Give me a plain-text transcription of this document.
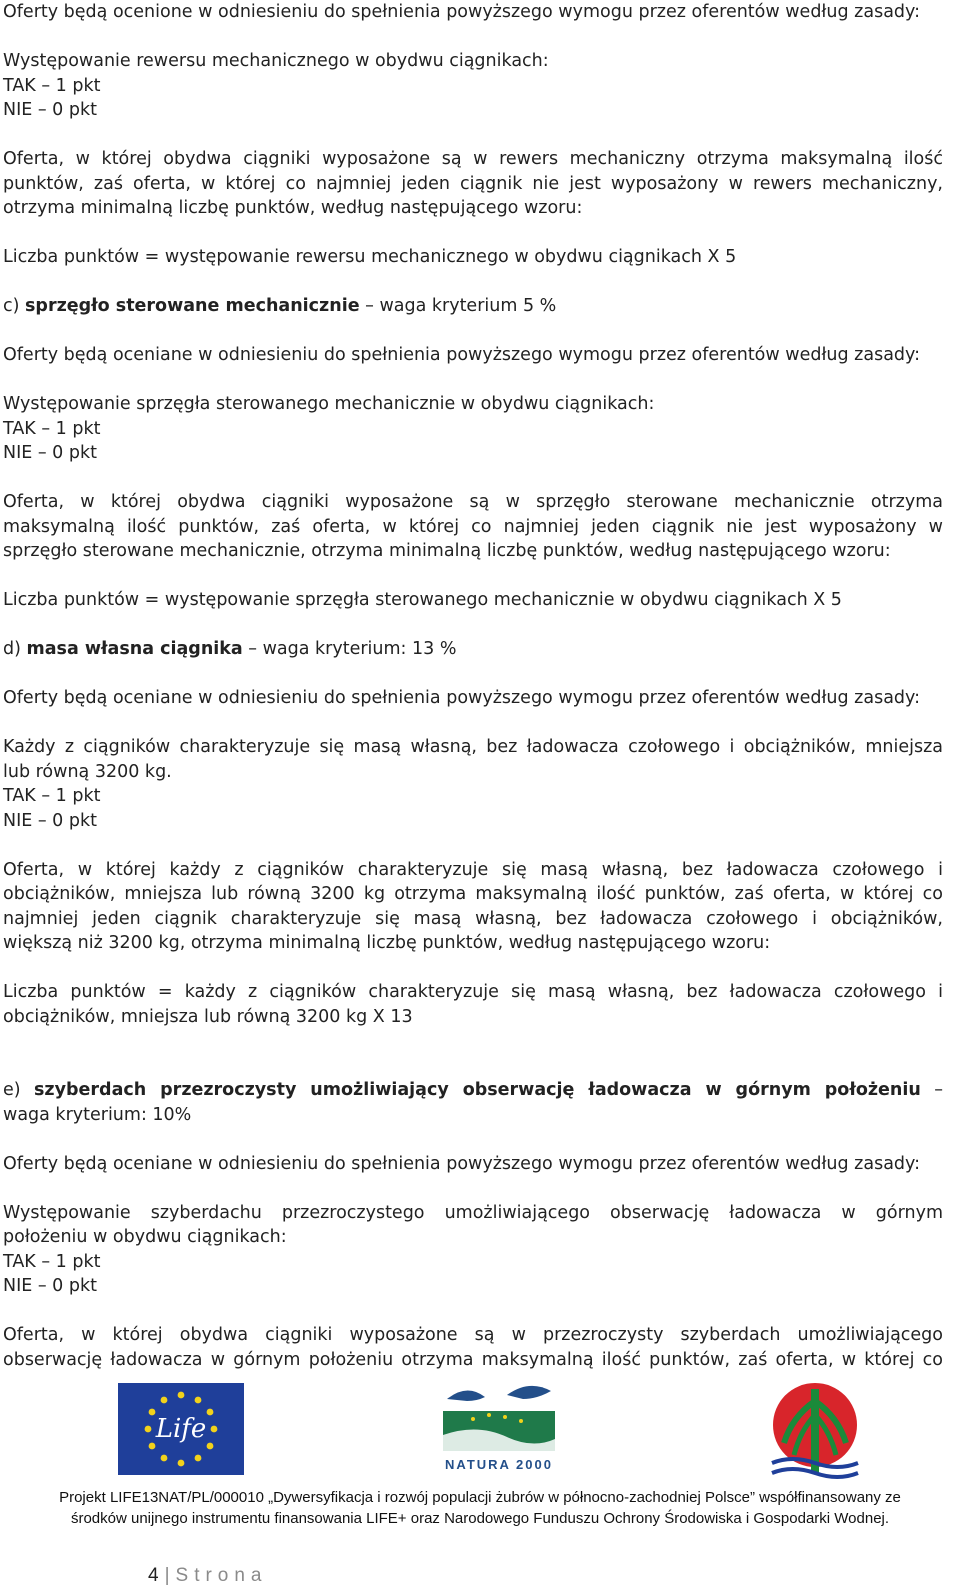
Oferty będą ocenione w odniesieniu do spełnienia powyższego wymogu przez oferentów według zasady:
Występowanie rewersu mechanicznego w obydwu ciągnikach:
TAK – 1 pkt
NIE – 0 pkt
Oferta, w której obydwa ciągniki wyposażone są w rewers mechaniczny otrzyma maksymalną ilość
punktów, zaś oferta, w której co najmniej jeden ciągnik nie jest wyposażony w rewers mechaniczny,
otrzyma minimalną liczbę punktów, według następującego wzoru:
Liczba punktów = występowanie rewersu mechanicznego w obydwu ciągnikach X 5
c) sprzęgło sterowane mechanicznie – waga kryterium 5 %
Oferty będą oceniane w odniesieniu do spełnienia powyższego wymogu przez oferentów według zasady:
Występowanie sprzęgła sterowanego mechanicznie w obydwu ciągnikach:
TAK – 1 pkt
NIE – 0 pkt
Oferta, w której obydwa ciągniki wyposażone są w sprzęgło sterowane mechanicznie otrzyma
maksymalną ilość punktów, zaś oferta, w której co najmniej jeden ciągnik nie jest wyposażony w
sprzęgło sterowane mechanicznie, otrzyma minimalną liczbę punktów, według następującego wzoru:
Liczba punktów = występowanie sprzęgła sterowanego mechanicznie w obydwu ciągnikach X 5
d) masa własna ciągnika – waga kryterium: 13 %
Oferty będą oceniane w odniesieniu do spełnienia powyższego wymogu przez oferentów według zasady:
Każdy z ciągników charakteryzuje się masą własną, bez ładowacza czołowego i obciążników, mniejsza
lub równą 3200 kg.
TAK – 1 pkt
NIE – 0 pkt
Oferta, w której każdy z ciągników charakteryzuje się masą własną, bez ładowacza czołowego i
obciążników, mniejsza lub równą 3200 kg otrzyma maksymalną ilość punktów, zaś oferta, w której co
najmniej jeden ciągnik charakteryzuje się masą własną, bez ładowacza czołowego i obciążników,
większą niż 3200 kg, otrzyma minimalną liczbę punktów, według następującego wzoru:
Liczba punktów = każdy z ciągników charakteryzuje się masą własną, bez ładowacza czołowego i
obciążników, mniejsza lub równą 3200 kg X 13
e) szyberdach przezroczysty umożliwiający obserwację ładowacza w górnym położeniu –
waga kryterium: 10%
Oferty będą oceniane w odniesieniu do spełnienia powyższego wymogu przez oferentów według zasady:
Występowanie szyberdachu przezroczystego umożliwiającego obserwację ładowacza w górnym
położeniu w obydwu ciągnikach:
TAK – 1 pkt
NIE – 0 pkt
Oferta, w której obydwa ciągniki wyposażone są w przezroczysty szyberdach umożliwiającego
obserwację ładowacza w górnym położeniu otrzyma maksymalną ilość punktów, zaś oferta, w której co
Life
NATURA 2000
Projekt LIFE13NAT/PL/000010 „Dywersyfikacja i rozwój populacji żubrów w północno-zachodniej Polsce” współfinansowany ze
środków unijnego instrumentu finansowania LIFE+ oraz Narodowego Funduszu Ochrony Środowiska i Gospodarki Wodnej.
4 | Strona
